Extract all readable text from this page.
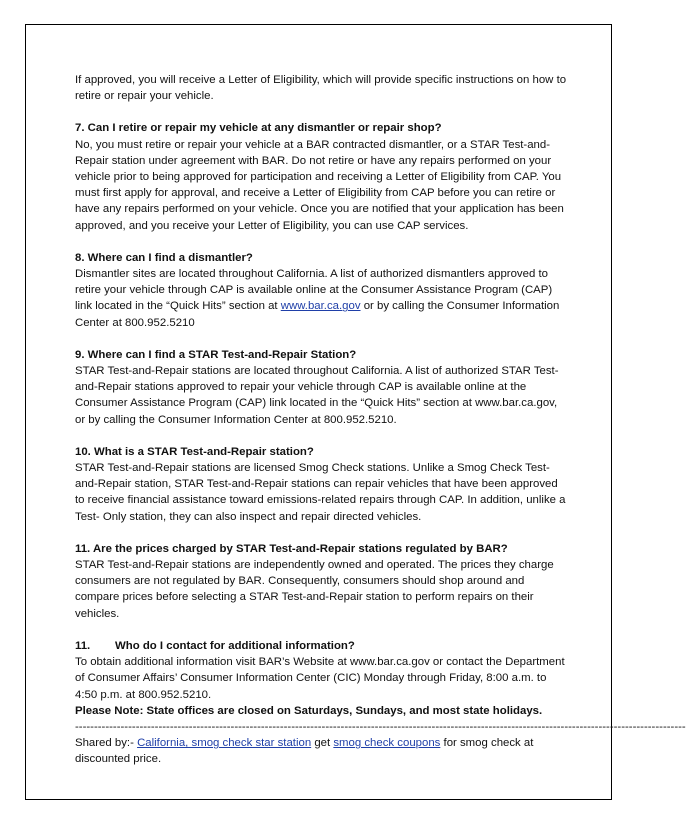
If approved, you will receive a Letter of Eligibility, which will provide specific instructions on how to retire or repair your vehicle.

7. Can I retire or repair my vehicle at any dismantler or repair shop?

No, you must retire or repair your vehicle at a BAR contracted dismantler, or a STAR Test-and-Repair station under agreement with BAR. Do not retire or have any repairs performed on your vehicle prior to being approved for participation and receiving a Letter of Eligibility from CAP. You must first apply for approval, and receive a Letter of Eligibility from CAP before you can retire or have any repairs performed on your vehicle. Once you are notified that your application has been approved, and you receive your Letter of Eligibility, you can use CAP services.

8. Where can I find a dismantler?

Dismantler sites are located throughout California. A list of authorized dismantlers approved to retire your vehicle through CAP is available online at the Consumer Assistance Program (CAP) link located in the “Quick Hits” section at www.bar.ca.gov or by calling the Consumer Information Center at 800.952.5210

9. Where can I find a STAR Test-and-Repair Station?

STAR Test-and-Repair stations are located throughout California. A list of authorized STAR Test-and-Repair stations approved to repair your vehicle through CAP is available online at the Consumer Assistance Program (CAP) link located in the “Quick Hits” section at www.bar.ca.gov, or by calling the Consumer Information Center at 800.952.5210.

10. What is a STAR Test-and-Repair station?

STAR Test-and-Repair stations are licensed Smog Check stations. Unlike a Smog Check Test-and-Repair station, STAR Test-and-Repair stations can repair vehicles that have been approved to receive financial assistance toward emissions-related repairs through CAP. In addition, unlike a Test- Only station, they can also inspect and repair directed vehicles.

11. Are the prices charged by STAR Test-and-Repair stations regulated by BAR?

STAR Test-and-Repair stations are independently owned and operated. The prices they charge consumers are not regulated by BAR. Consequently, consumers should shop around and compare prices before selecting a STAR Test-and-Repair station to perform repairs on their vehicles.

11. Who do I contact for additional information?

To obtain additional information visit BAR’s Website at www.bar.ca.gov or contact the Department of Consumer Affairs’ Consumer Information Center (CIC) Monday through Friday, 8:00 a.m. to 4:50 p.m. at 800.952.5210.

Please Note: State offices are closed on Saturdays, Sundays, and most state holidays.

-----------------------------------------------------------------------------------------------------------------------------------------------------------------

Shared by:- California, smog check star station get smog check coupons for smog check at discounted price.
